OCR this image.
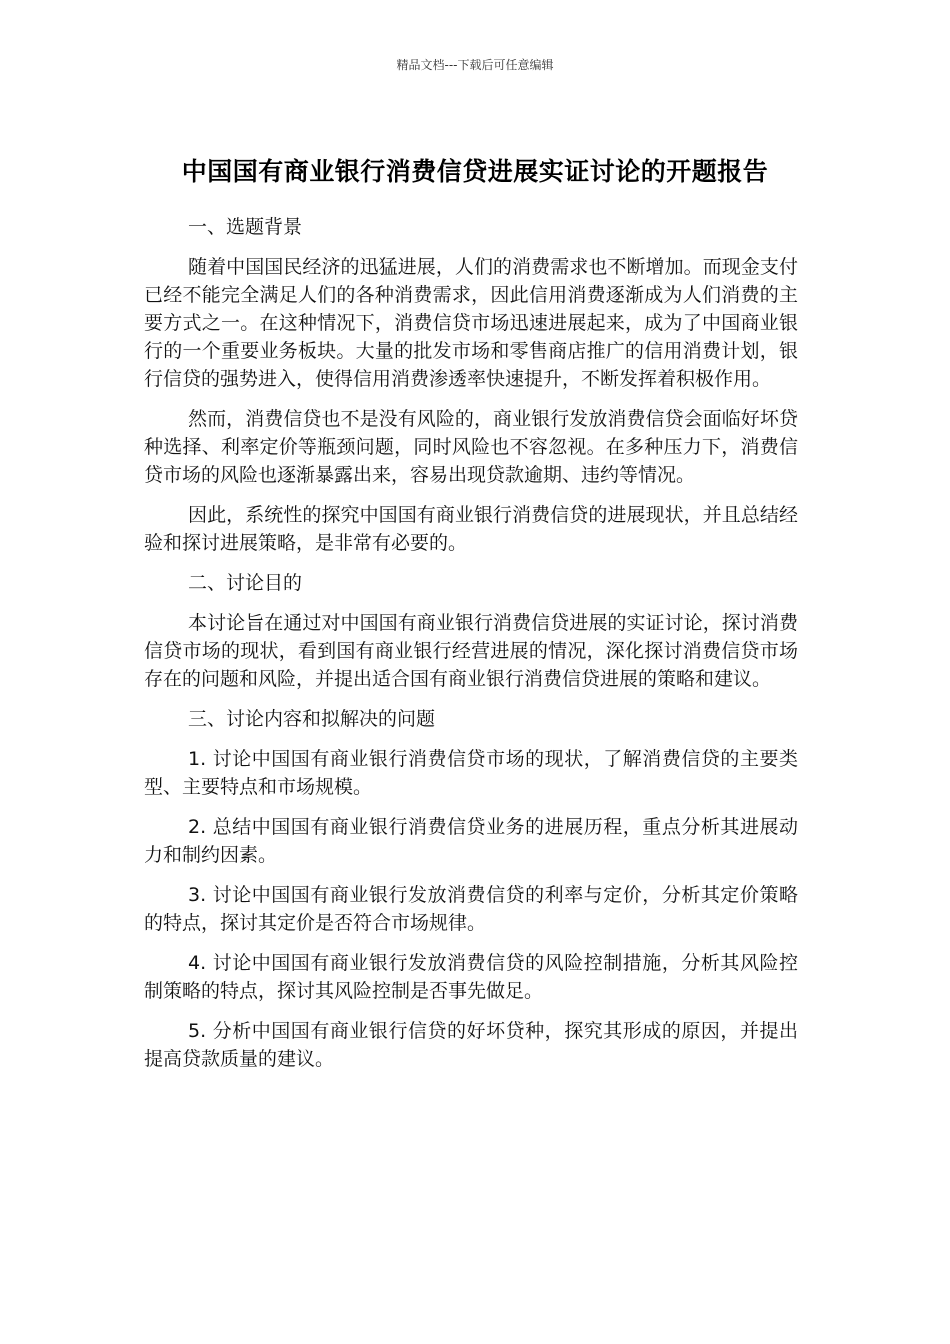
精品文档---下载后可任意编辑
中国国有商业银行消费信贷进展实证讨论的开题报告
一、选题背景

随着中国国民经济的迅猛进展，人们的消费需求也不断增加。而现金支付已经不能完全满足人们的各种消费需求，因此信用消费逐渐成为人们消费的主要方式之一。在这种情况下，消费信贷市场迅速进展起来，成为了中国商业银行的一个重要业务板块。大量的批发市场和零售商店推广的信用消费计划，银行信贷的强势进入，使得信用消费渗透率快速提升，不断发挥着积极作用。

然而，消费信贷也不是没有风险的，商业银行发放消费信贷会面临好坏贷种选择、利率定价等瓶颈问题，同时风险也不容忽视。在多种压力下，消费信贷市场的风险也逐渐暴露出来，容易出现贷款逾期、违约等情况。

因此，系统性的探究中国国有商业银行消费信贷的进展现状，并且总结经验和探讨进展策略，是非常有必要的。

二、讨论目的

本讨论旨在通过对中国国有商业银行消费信贷进展的实证讨论，探讨消费信贷市场的现状，看到国有商业银行经营进展的情况，深化探讨消费信贷市场存在的问题和风险，并提出适合国有商业银行消费信贷进展的策略和建议。

三、讨论内容和拟解决的问题

1. 讨论中国国有商业银行消费信贷市场的现状，了解消费信贷的主要类型、主要特点和市场规模。

2. 总结中国国有商业银行消费信贷业务的进展历程，重点分析其进展动力和制约因素。

3. 讨论中国国有商业银行发放消费信贷的利率与定价，分析其定价策略的特点，探讨其定价是否符合市场规律。

4. 讨论中国国有商业银行发放消费信贷的风险控制措施，分析其风险控制策略的特点，探讨其风险控制是否事先做足。

5. 分析中国国有商业银行信贷的好坏贷种，探究其形成的原因，并提出提高贷款质量的建议。
